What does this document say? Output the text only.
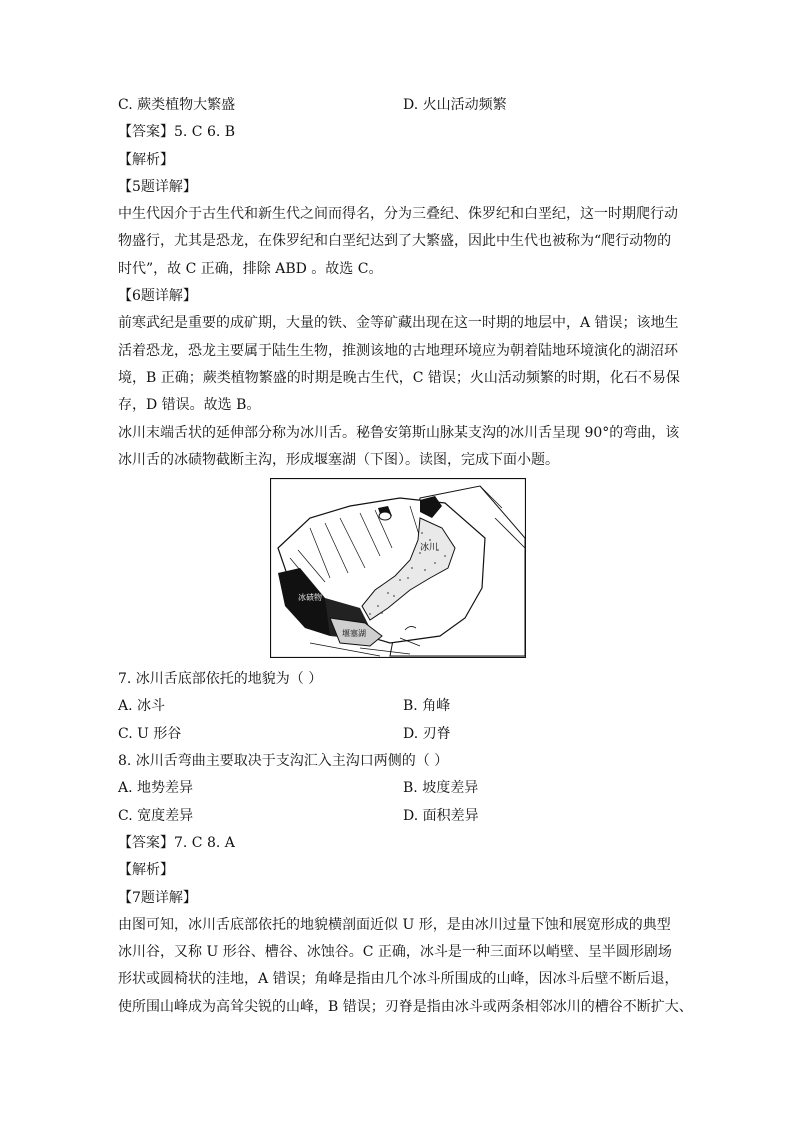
C. 蕨类植物大繁盛	D. 火山活动频繁
【答案】5. C 6. B
【解析】
【5题详解】
中生代因介于古生代和新生代之间而得名，分为三叠纪、侏罗纪和白垩纪，这一时期爬行动
物盛行，尤其是恐龙，在侏罗纪和白垩纪达到了大繁盛，因此中生代也被称为“爬行动物的
时代”，故 C 正确，排除 ABD 。故选 C。
【6题详解】
前寒武纪是重要的成矿期，大量的铁、金等矿藏出现在这一时期的地层中，A 错误；该地生
活着恐龙，恐龙主要属于陆生生物，推测该地的古地理环境应为朝着陆地环境演化的湖沼环
境，B 正确；蕨类植物繁盛的时期是晚古生代，C 错误；火山活动频繁的时期，化石不易保
存，D 错误。故选 B。
冰川末端舌状的延伸部分称为冰川舌。秘鲁安第斯山脉某支沟的冰川舌呈现 90°的弯曲，该
冰川舌的冰碛物截断主沟，形成堰塞湖（下图）。读图，完成下面小题。
冰川
冰碛物
堰塞湖
7. 冰川舌底部依托的地貌为（ ）
A. 冰斗	B. 角峰
C. U 形谷	D. 刃脊
8. 冰川舌弯曲主要取决于支沟汇入主沟口两侧的（ ）
A. 地势差异	B. 坡度差异
C. 宽度差异	D. 面积差异
【答案】7. C 8. A
【解析】
【7题详解】
由图可知，冰川舌底部依托的地貌横剖面近似 U 形，是由冰川过量下蚀和展宽形成的典型
冰川谷，又称 U 形谷、槽谷、冰蚀谷。C 正确，冰斗是一种三面环以峭壁、呈半圆形剧场
形状或圆椅状的洼地，A 错误；角峰是指由几个冰斗所围成的山峰，因冰斗后壁不断后退，
使所围山峰成为高耸尖锐的山峰，B 错误；刃脊是指由冰斗或两条相邻冰川的槽谷不断扩大、
